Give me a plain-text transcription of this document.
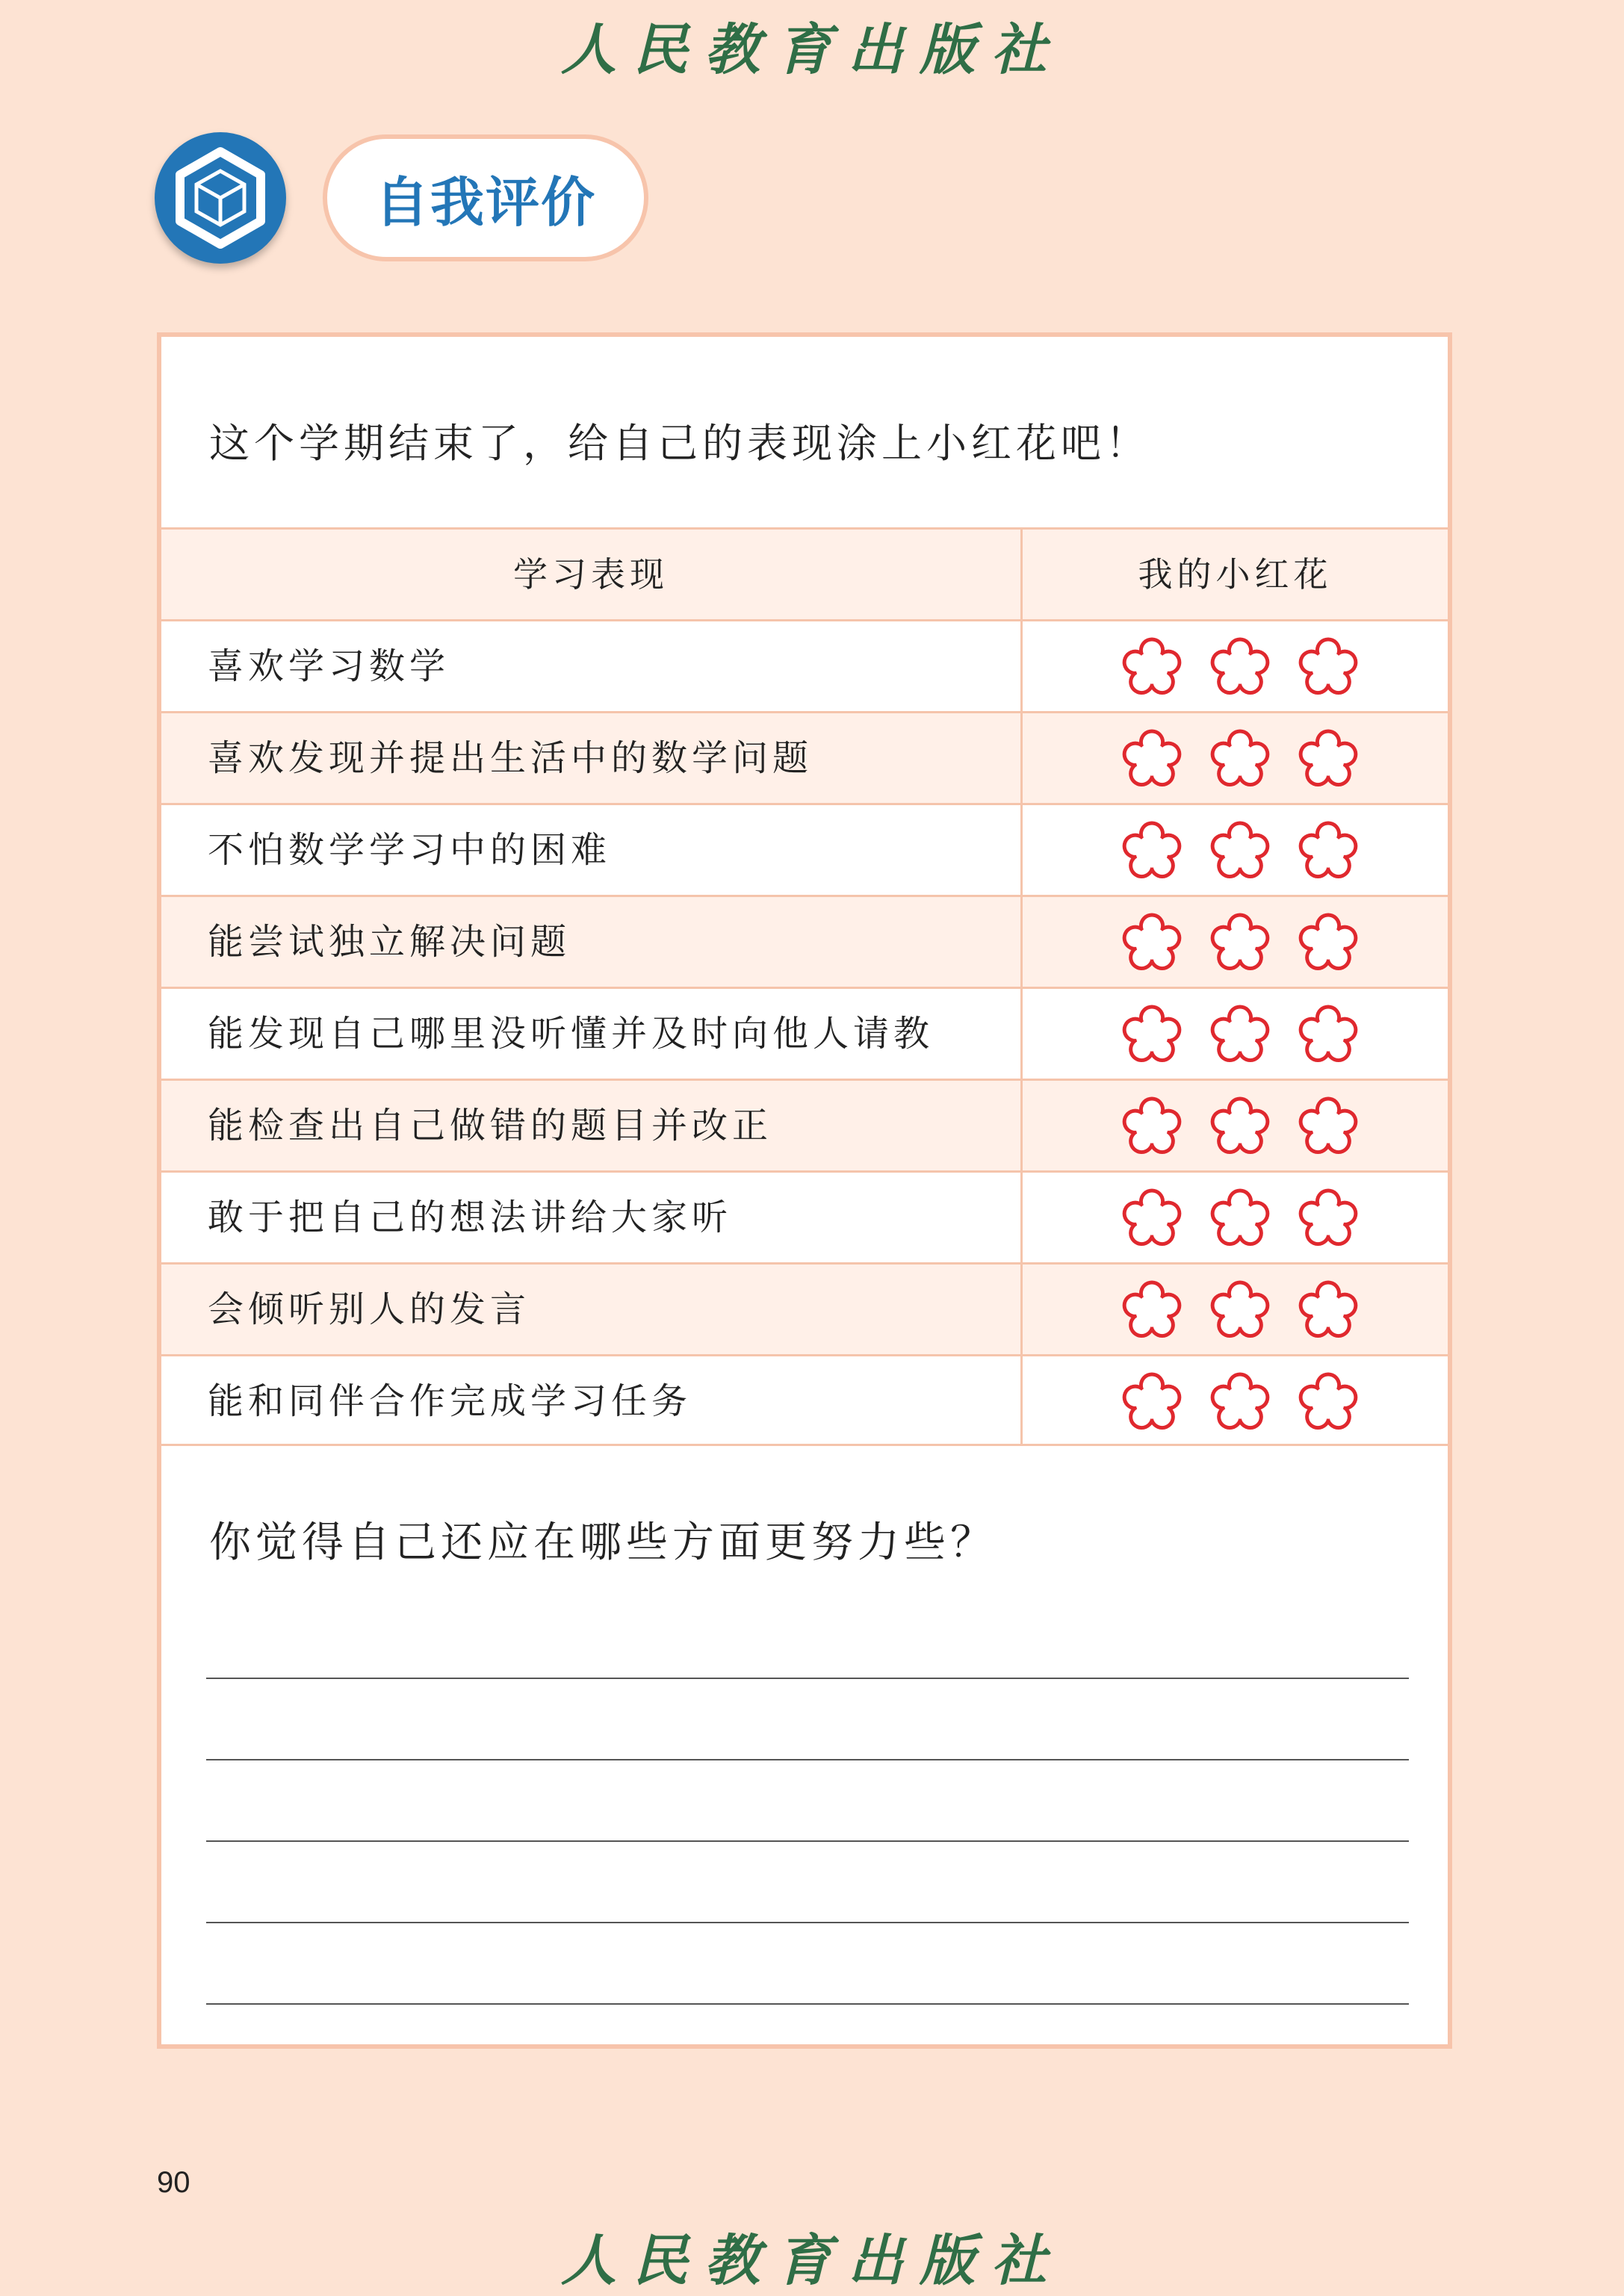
人民教育出版社
自我评价
这个学期结束了，给自己的表现涂上小红花吧！
学习表现	我的小红花
喜欢学习数学
喜欢发现并提出生活中的数学问题
不怕数学学习中的困难
能尝试独立解决问题
能发现自己哪里没听懂并及时向他人请教
能检查出自己做错的题目并改正
敢于把自己的想法讲给大家听
会倾听别人的发言
能和同伴合作完成学习任务
你觉得自己还应在哪些方面更努力些？
90
人民教育出版社
